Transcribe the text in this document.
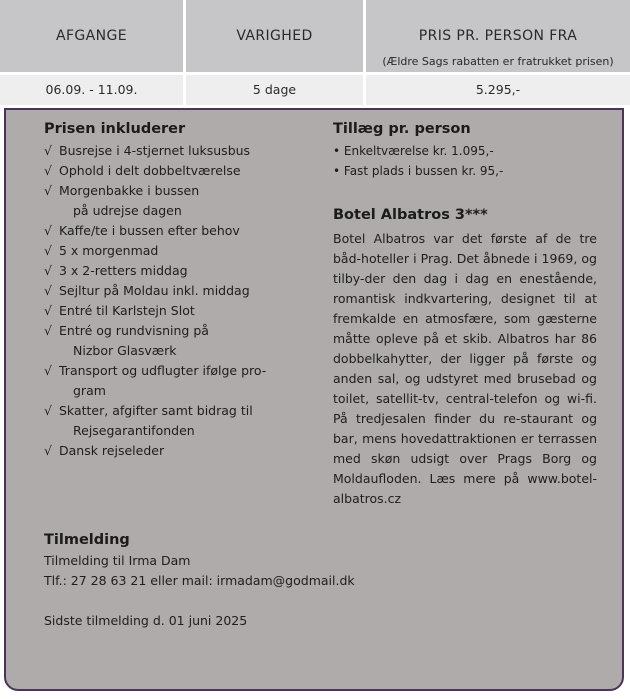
AFGANGE	VARIGHED	PRIS PR. PERSON FRA
(Ældre Sags rabatten er fratrukket prisen)
06.09. - 11.09.	5 dage	5.295,-
Prisen inkluderer
√ Busrejse i 4-stjernet luksusbus
√ Ophold i delt dobbeltværelse
√ Morgenbakke i bussen
på udrejse dagen
√ Kaffe/te i bussen efter behov
√ 5 x morgenmad
√ 3 x 2-retters middag
√ Sejltur på Moldau inkl. middag
√ Entré til Karlstejn Slot
√ Entré og rundvisning på
Nizbor Glasværk
√ Transport og udflugter ifølge pro-
gram
√ Skatter, afgifter samt bidrag til
Rejsegarantifonden
√ Dansk rejseleder
Tillæg pr. person
• Enkeltværelse kr. 1.095,-
• Fast plads i bussen kr. 95,-
Botel Albatros 3***
Botel Albatros var det første af de tre båd-hoteller i Prag. Det åbnede i 1969, og tilby-der den dag i dag en enestående, romantisk indkvartering, designet til at fremkalde en atmosfære, som gæsterne måtte opleve på et skib. Albatros har 86 dobbelkahytter, der ligger på første og anden sal, og udstyret med brusebad og toilet, satellit-tv, central-telefon og wi-fi. På tredjesalen finder du re-staurant og bar, mens hovedattraktionen er terrassen med skøn udsigt over Prags Borg og Moldaufloden. Læs mere på www.botel-albatros.cz
Tilmelding
Tilmelding til Irma Dam
Tlf.: 27 28 63 21 eller mail: irmadam@godmail.dk
Sidste tilmelding d. 01 juni 2025
